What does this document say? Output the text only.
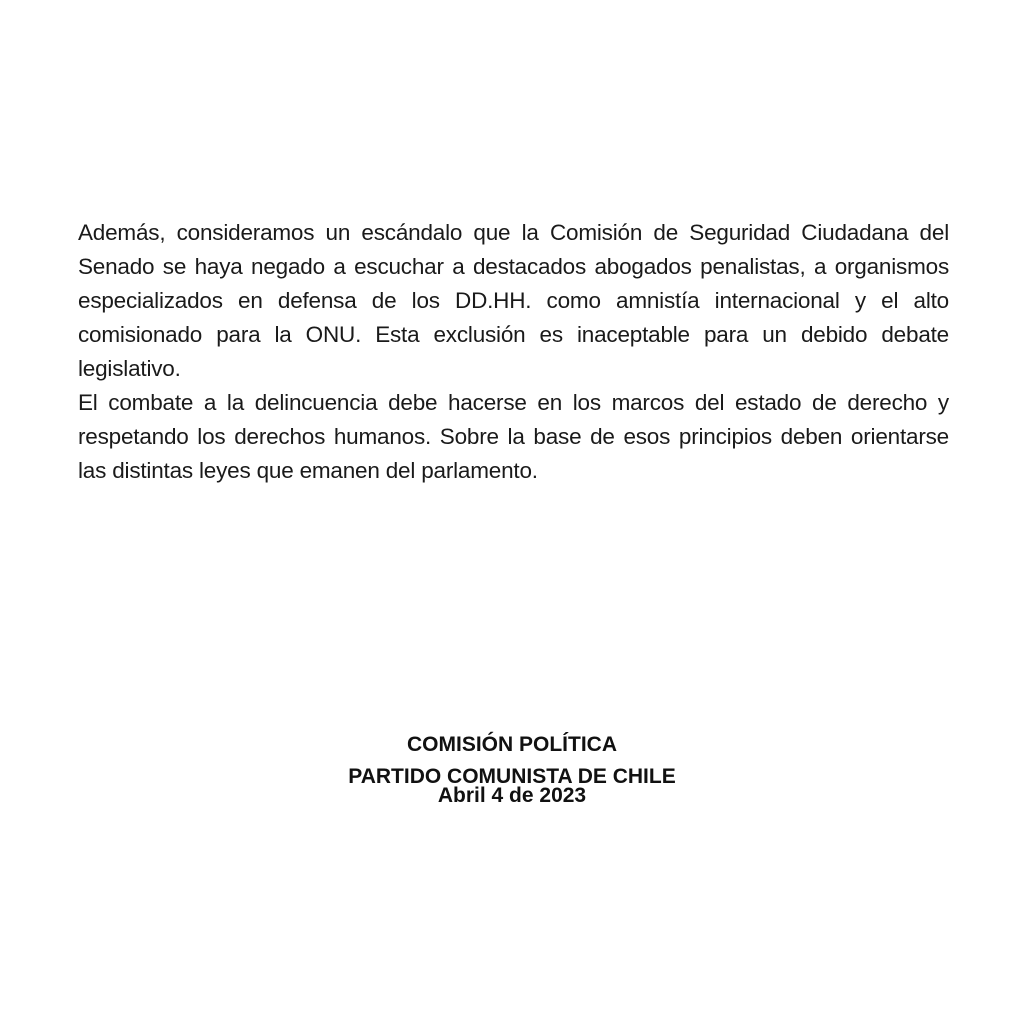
Además, consideramos un escándalo que la Comisión de Seguridad Ciudadana del Senado se haya negado a escuchar a destacados abogados penalistas, a organismos especializados en defensa de los DD.HH. como amnistía internacional y el alto comisionado para la ONU. Esta exclusión es inaceptable para un debido debate legislativo.

El combate a la delincuencia debe hacerse en los marcos del estado de derecho y respetando los derechos humanos. Sobre la base de esos principios deben orientarse las distintas leyes que emanen del parlamento.

COMISIÓN POLÍTICA
PARTIDO COMUNISTA DE CHILE
Abril 4 de 2023
